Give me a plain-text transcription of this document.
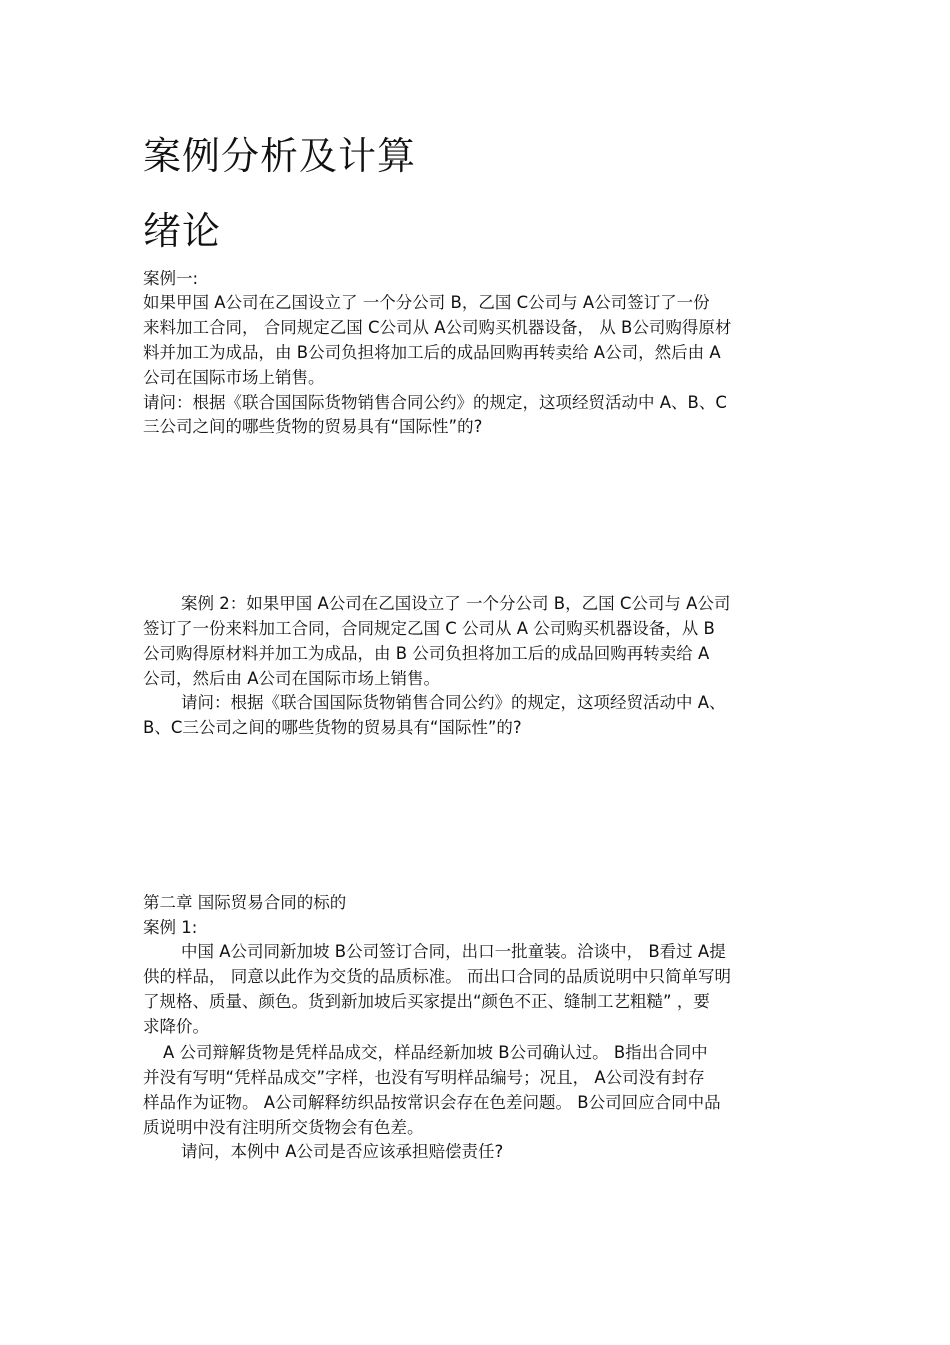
案例分析及计算
绪论
案例一:
如果甲国 A公司在乙国设立了 一个分公司 B，乙国 C公司与 A公司签订了一份
来料加工合同， 合同规定乙国 C公司从 A公司购买机器设备， 从 B公司购得原材
料并加工为成品，由 B公司负担将加工后的成品回购再转卖给 A公司，然后由 A
公司在国际市场上销售。
请问：根据《联合国国际货物销售合同公约》的规定，这项经贸活动中 A、B、C
三公司之间的哪些货物的贸易具有“国际性”的?
案例 2：如果甲国 A公司在乙国设立了 一个分公司 B，乙国 C公司与 A公司
签订了一份来料加工合同，合同规定乙国 C 公司从 A 公司购买机器设备，从 B
公司购得原材料并加工为成品，由 B 公司负担将加工后的成品回购再转卖给 A
公司，然后由 A公司在国际市场上销售。
请问：根据《联合国国际货物销售合同公约》的规定，这项经贸活动中 A、
B、C三公司之间的哪些货物的贸易具有“国际性”的?
第二章 国际贸易合同的标的
案例 1:
中国 A公司同新加坡 B公司签订合同，出口一批童装。洽谈中， B看过 A提
供的样品， 同意以此作为交货的品质标准。 而出口合同的品质说明中只简单写明
了规格、质量、颜色。货到新加坡后买家提出“颜色不正、缝制工艺粗糙” ，要
求降价。
A 公司辩解货物是凭样品成交，样品经新加坡 B公司确认过。 B指出合同中
并没有写明“凭样品成交”字样，也没有写明样品编号；况且， A公司没有封存
样品作为证物。 A公司解释纺织品按常识会存在色差问题。 B公司回应合同中品
质说明中没有注明所交货物会有色差。
请问，本例中 A公司是否应该承担赔偿责任?
